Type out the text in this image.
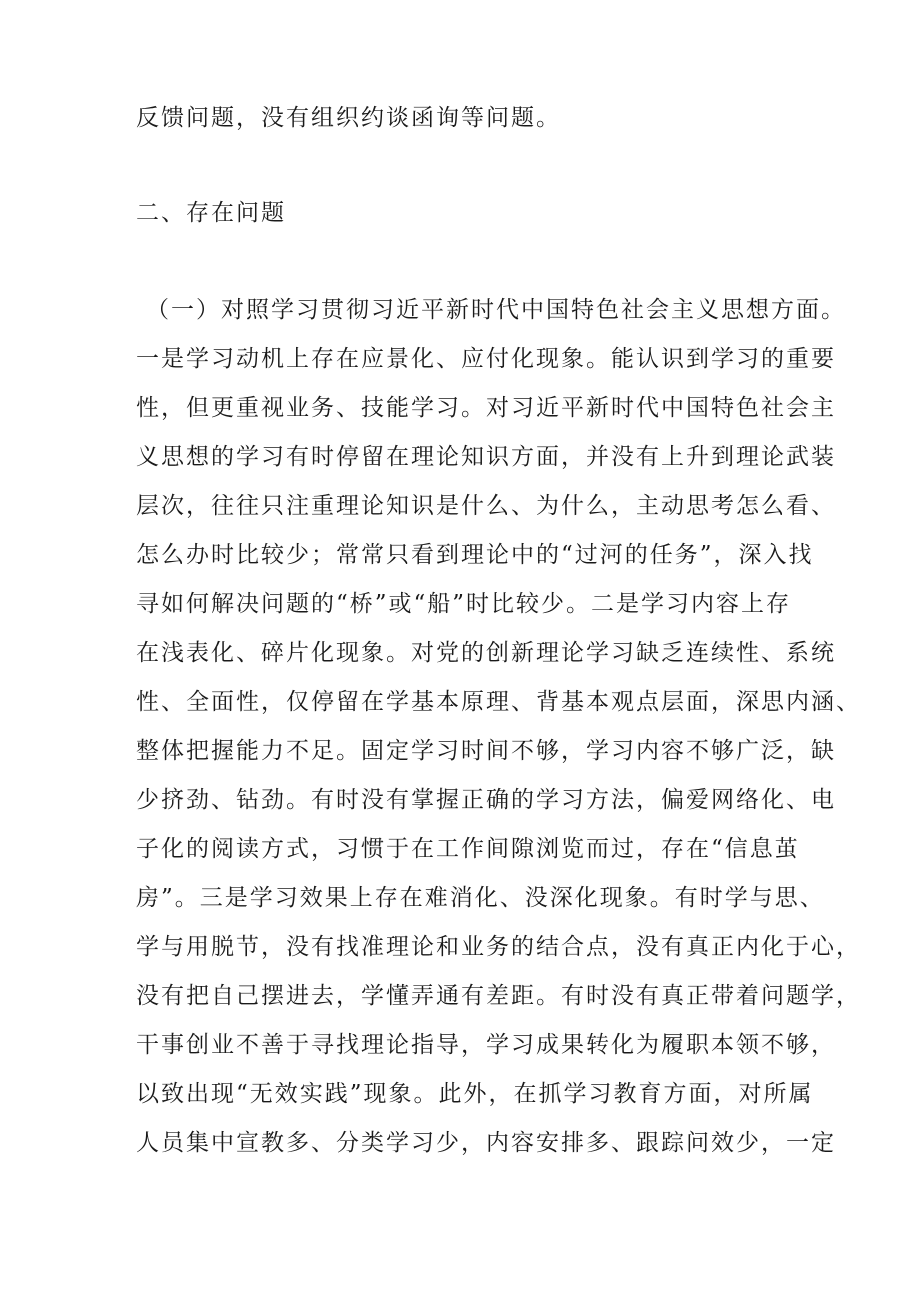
反馈问题，没有组织约谈函询等问题。
二、存在问题
（一）对照学习贯彻习近平新时代中国特色社会主义思想方面。
一是学习动机上存在应景化、应付化现象。能认识到学习的重要
性，但更重视业务、技能学习。对习近平新时代中国特色社会主
义思想的学习有时停留在理论知识方面，并没有上升到理论武装
层次，往往只注重理论知识是什么、为什么，主动思考怎么看、
怎么办时比较少；常常只看到理论中的“过河的任务”，深入找
寻如何解决问题的“桥”或“船”时比较少。二是学习内容上存
在浅表化、碎片化现象。对党的创新理论学习缺乏连续性、系统
性、全面性，仅停留在学基本原理、背基本观点层面，深思内涵、
整体把握能力不足。固定学习时间不够，学习内容不够广泛，缺
少挤劲、钻劲。有时没有掌握正确的学习方法，偏爱网络化、电
子化的阅读方式，习惯于在工作间隙浏览而过，存在“信息茧
房”。三是学习效果上存在难消化、没深化现象。有时学与思、
学与用脱节，没有找准理论和业务的结合点，没有真正内化于心，
没有把自己摆进去，学懂弄通有差距。有时没有真正带着问题学，
干事创业不善于寻找理论指导，学习成果转化为履职本领不够，
以致出现“无效实践”现象。此外，在抓学习教育方面，对所属
人员集中宣教多、分类学习少，内容安排多、跟踪问效少，一定
